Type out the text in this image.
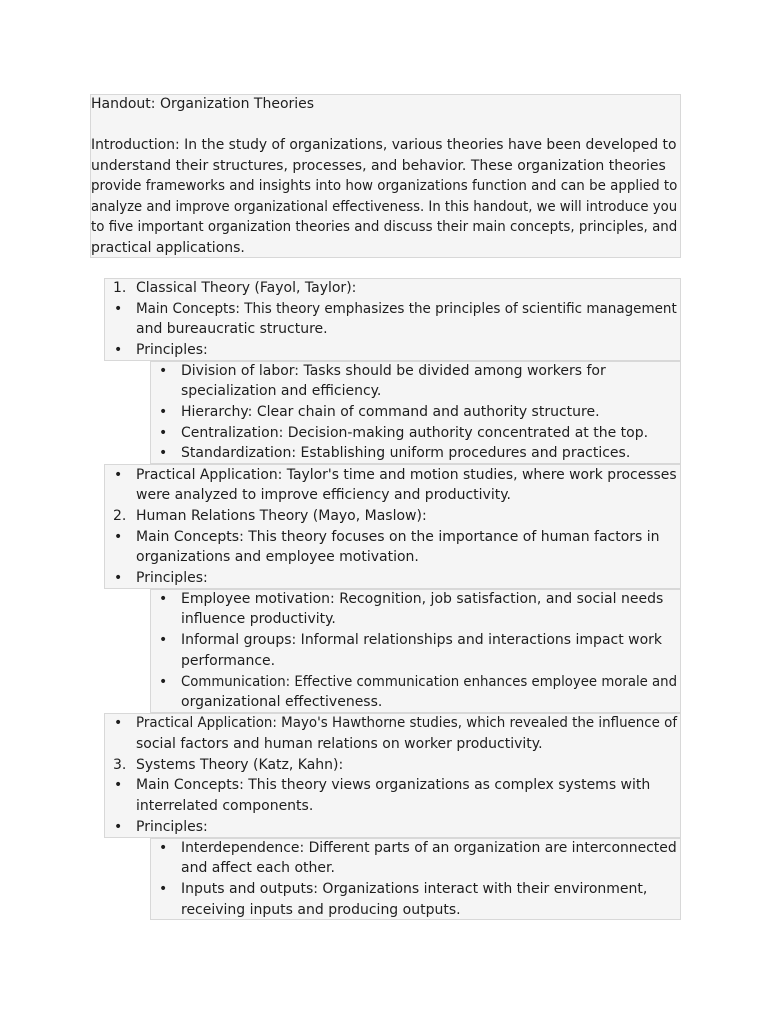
Handout: Organization Theories
Introduction: In the study of organizations, various theories have been developed to
understand their structures, processes, and behavior. These organization theories
provide frameworks and insights into how organizations function and can be applied to
analyze and improve organizational effectiveness. In this handout, we will introduce you
to five important organization theories and discuss their main concepts, principles, and
practical applications.
1. Classical Theory (Fayol, Taylor):
• Main Concepts: This theory emphasizes the principles of scientific management
and bureaucratic structure.
• Principles:
• Division of labor: Tasks should be divided among workers for
specialization and efficiency.
• Hierarchy: Clear chain of command and authority structure.
• Centralization: Decision-making authority concentrated at the top.
• Standardization: Establishing uniform procedures and practices.
• Practical Application: Taylor's time and motion studies, where work processes
were analyzed to improve efficiency and productivity.
2. Human Relations Theory (Mayo, Maslow):
• Main Concepts: This theory focuses on the importance of human factors in
organizations and employee motivation.
• Principles:
• Employee motivation: Recognition, job satisfaction, and social needs
influence productivity.
• Informal groups: Informal relationships and interactions impact work
performance.
• Communication: Effective communication enhances employee morale and
organizational effectiveness.
• Practical Application: Mayo's Hawthorne studies, which revealed the influence of
social factors and human relations on worker productivity.
3. Systems Theory (Katz, Kahn):
• Main Concepts: This theory views organizations as complex systems with
interrelated components.
• Principles:
• Interdependence: Different parts of an organization are interconnected
and affect each other.
• Inputs and outputs: Organizations interact with their environment,
receiving inputs and producing outputs.
